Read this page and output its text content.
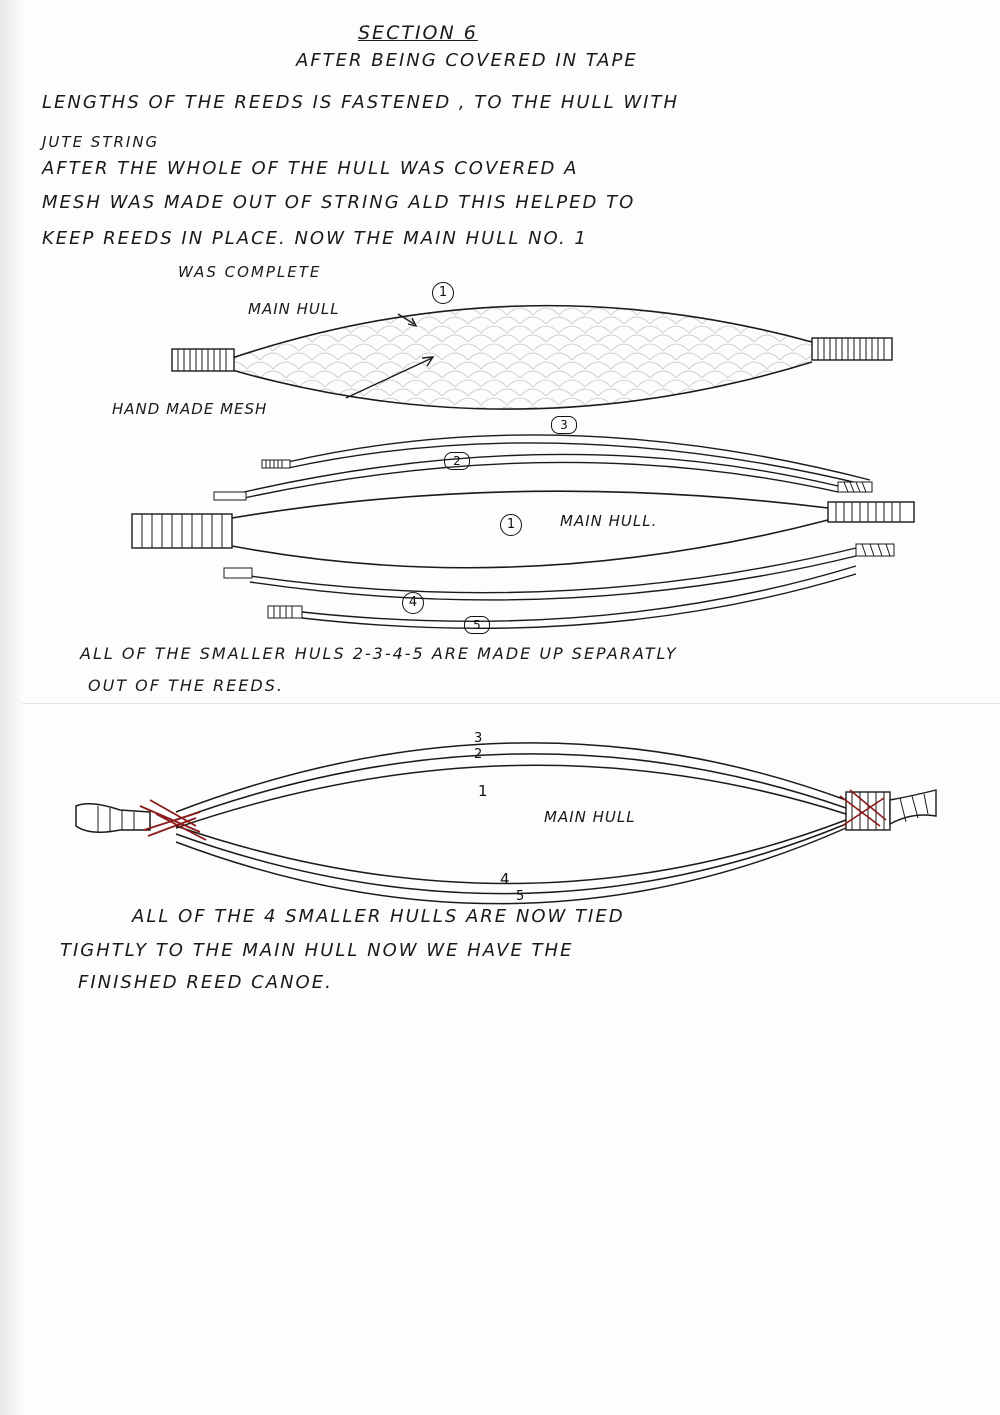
SECTION 6

AFTER BEING COVERED IN TAPE

LENGTHS OF THE REEDS IS FASTENED , TO THE HULL WITH

JUTE STRING

AFTER THE WHOLE OF THE HULL WAS COVERED A

MESH WAS MADE OUT OF STRING ALD THIS HELPED TO

KEEP REEDS IN PLACE. NOW THE MAIN HULL NO. 1

WAS COMPLETE

MAIN HULL

1

HAND MADE MESH

3

2

1	MAIN HULL.

4

5

ALL OF THE SMALLER HULS 2-3-4-5 ARE MADE UP SEPARATLY

OUT OF THE REEDS.

3

2

1

MAIN HULL

4

5

ALL OF THE 4 SMALLER HULLS ARE NOW TIED

TIGHTLY TO THE MAIN HULL NOW WE HAVE THE

FINISHED REED CANOE.
